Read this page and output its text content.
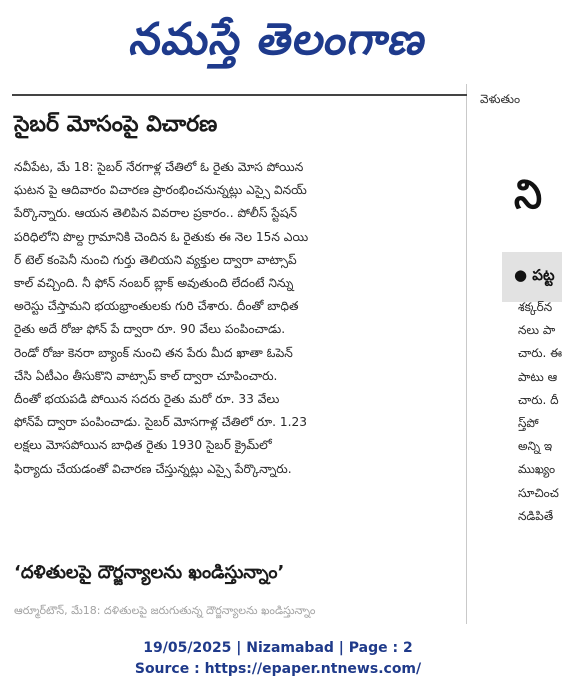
నమస్తే తెలంగాణ
సైబర్ మోసంపై విచారణ
నవీపేట, మే 18: సైబర్ నేరగాళ్ల చేతిలో ఓ రైతు మోస పోయిన
ఘటన పై ఆదివారం విచారణ ప్రారంభించనున్నట్లు ఎస్సై వినయ్
పేర్కొన్నారు. ఆయన తెలిపిన వివరాల ప్రకారం.. పోలీస్ స్టేషన్
పరిధిలోని పొల్ద గ్రామానికి చెందిన ఓ రైతుకు ఈ నెల 15న ఎయి
ర్ టెల్ కంపెనీ నుంచి గుర్తు తెలియని వ్యక్తుల ద్వారా వాట్సాప్
కాల్ వచ్చింది. నీ ఫోన్ నంబర్ బ్లాక్ అవుతుంది లేదంటే నిన్ను
అరెస్టు చేస్తామని భయభ్రాంతులకు గురి చేశారు. దీంతో బాధిత
రైతు అదే రోజు ఫోన్ పే ద్వారా రూ. 90 వేలు పంపించాడు.
రెండో రోజు కెనరా బ్యాంక్ నుంచి తన పేరు మీద ఖాతా ఓపెన్
చేసి ఏటీఎం తీసుకొని వాట్సాప్ కాల్ ద్వారా చూపించారు.
దీంతో భయపడి పోయిన సదరు రైతు మరో రూ. 33 వేలు
ఫోన్‌పే ద్వారా పంపించాడు. సైబర్ మోసగాళ్ల చేతిలో రూ. 1.23
లక్షలు మోసపోయిన బాధిత రైతు 1930 సైబర్ క్రైమ్‌లో
ఫిర్యాదు చేయడంతో విచారణ చేస్తున్నట్లు ఎస్సై పేర్కొన్నారు.
‘దళితులపై దౌర్జన్యాలను ఖండిస్తున్నాం’
ఆర్మూర్‌టౌన్, మే18: దళితులపై జరుగుతున్న దౌర్జన్యాలను ఖండిస్తున్నాం
వెళుతుం
ని
● పట్ట
శక్కర్‌న
నలు పా
చారు. ఈ
పాటు ఆ
చారు. దీ
స్త్‌పో
అన్ని ఇ
ముఖ్యం
సూచించ
నడిపితే
19/05/2025 | Nizamabad | Page : 2
Source : https://epaper.ntnews.com/
